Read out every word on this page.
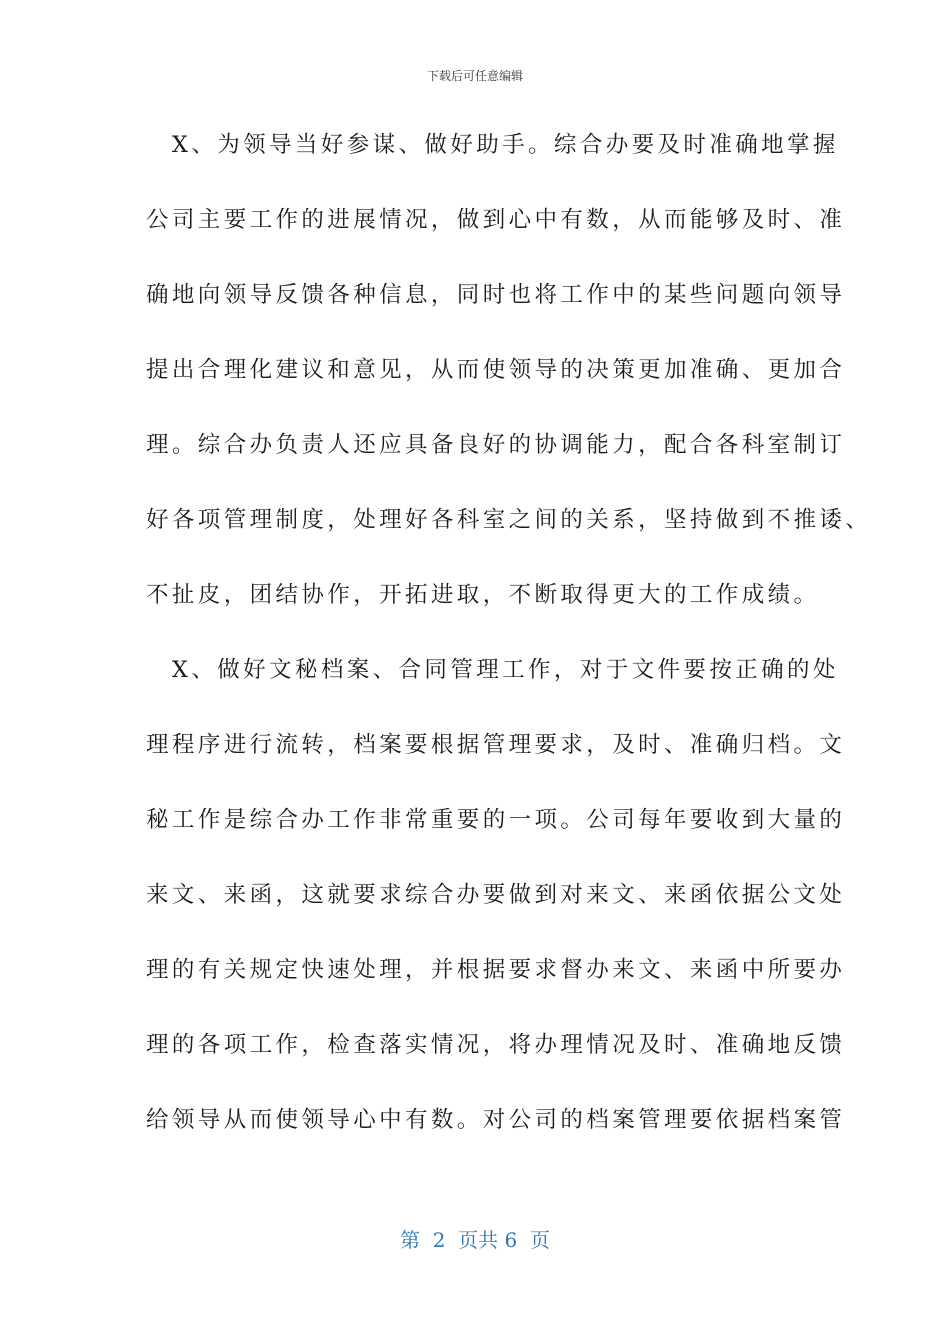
下载后可任意编辑
　X、为领导当好参谋、做好助手。综合办要及时准确地掌握
公司主要工作的进展情况，做到心中有数，从而能够及时、准
确地向领导反馈各种信息，同时也将工作中的某些问题向领导
提出合理化建议和意见，从而使领导的决策更加准确、更加合
理。综合办负责人还应具备良好的协调能力，配合各科室制订
好各项管理制度，处理好各科室之间的关系，坚持做到不推诿、
不扯皮，团结协作，开拓进取，不断取得更大的工作成绩。
　X、做好文秘档案、合同管理工作，对于文件要按正确的处
理程序进行流转，档案要根据管理要求，及时、准确归档。文
秘工作是综合办工作非常重要的一项。公司每年要收到大量的
来文、来函，这就要求综合办要做到对来文、来函依据公文处
理的有关规定快速处理，并根据要求督办来文、来函中所要办
理的各项工作，检查落实情况，将办理情况及时、准确地反馈
给领导从而使领导心中有数。对公司的档案管理要依据档案管
第  2  页共 6  页
